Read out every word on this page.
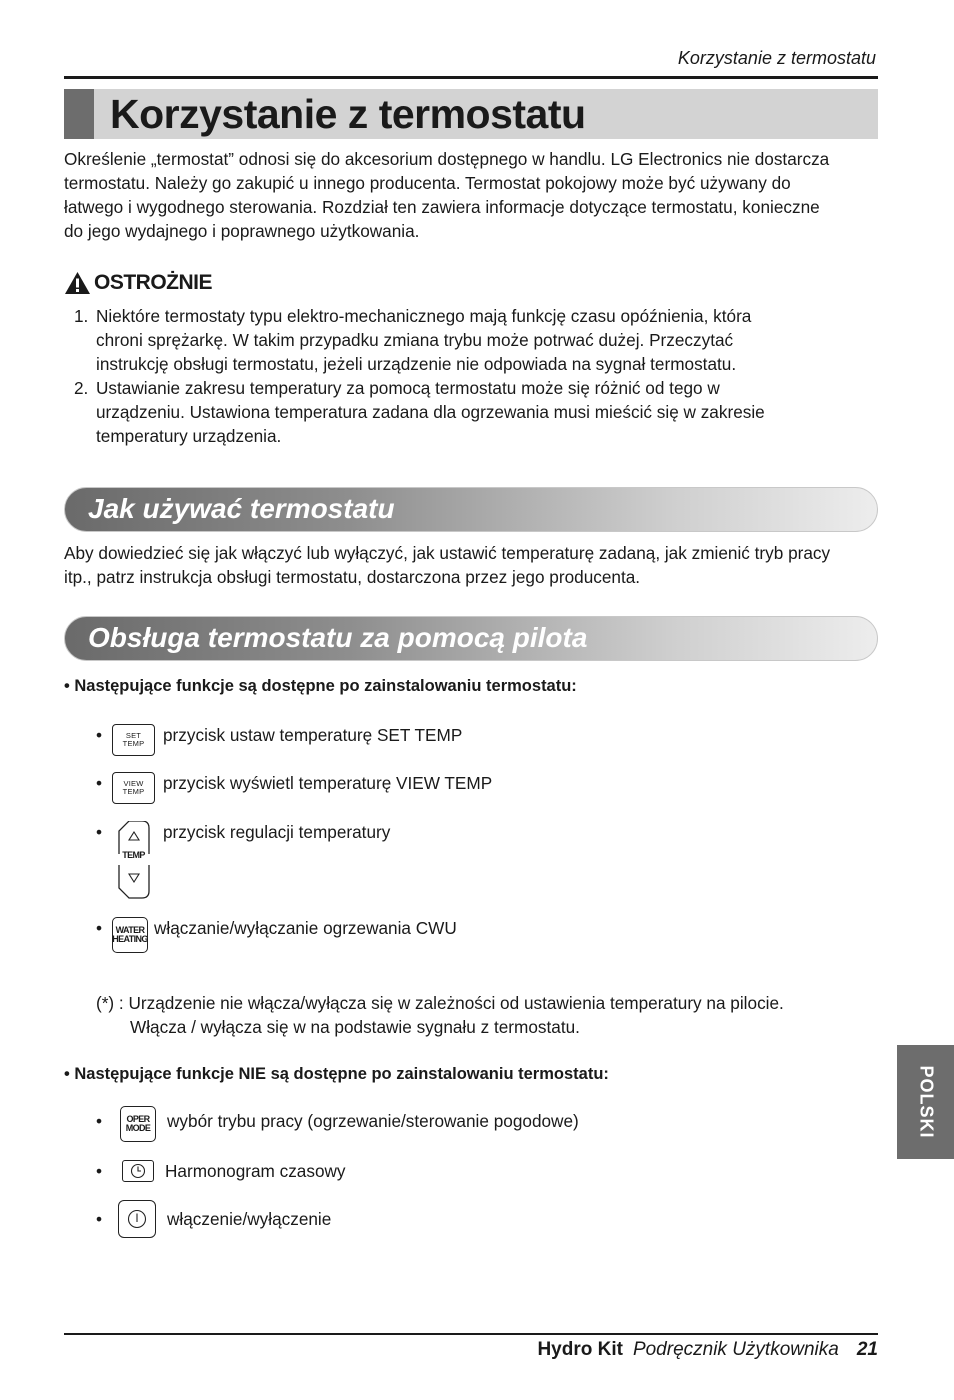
Korzystanie z termostatu
Korzystanie z termostatu
Określenie „termostat” odnosi się do akcesorium dostępnego w handlu. LG Electronics nie dostarcza
termostatu. Należy go zakupić u innego producenta. Termostat pokojowy może być używany do
łatwego i wygodnego sterowania. Rozdział ten zawiera informacje dotyczące termostatu, konieczne
do jego wydajnego i poprawnego użytkowania.
OSTROŻNIE
1. Niektóre termostaty typu elektro-mechanicznego mają funkcję czasu opóźnienia, która
chroni sprężarkę. W takim przypadku zmiana trybu może potrwać dużej. Przeczytać
instrukcję obsługi termostatu, jeżeli urządzenie nie odpowiada na sygnał termostatu.
2. Ustawianie zakresu temperatury za pomocą termostatu może się różnić od tego w
urządzeniu. Ustawiona temperatura zadana dla ogrzewania musi mieścić się w zakresie
temperatury urządzenia.
Jak używać termostatu
Aby dowiedzieć się jak włączyć lub wyłączyć, jak ustawić temperaturę zadaną, jak zmienić tryb pracy
itp., patrz instrukcja obsługi termostatu, dostarczona przez jego producenta.
Obsługa termostatu za pomocą pilota
• Następujące funkcje są dostępne po zainstalowaniu termostatu:
•	SET
TEMP przycisk ustaw temperaturę SET TEMP
•	VIEW
TEMP przycisk wyświetl temperaturę VIEW TEMP
•
TEMP
przycisk regulacji temperatury
•	WATER
HEATING
włączanie/wyłączanie ogrzewania CWU
(*) : Urządzenie nie włącza/wyłącza się w zależności od ustawienia temperatury na pilocie.
Włącza / wyłącza się w na podstawie sygnału z termostatu.
• Następujące funkcje NIE są dostępne po zainstalowaniu termostatu:
•	OPER
MODE wybór trybu pracy (ogrzewanie/sterowanie pogodowe)
•	Harmonogram czasowy
•	włączenie/wyłączenie
POLSKI
Hydro Kit Podręcznik Użytkownika 21
